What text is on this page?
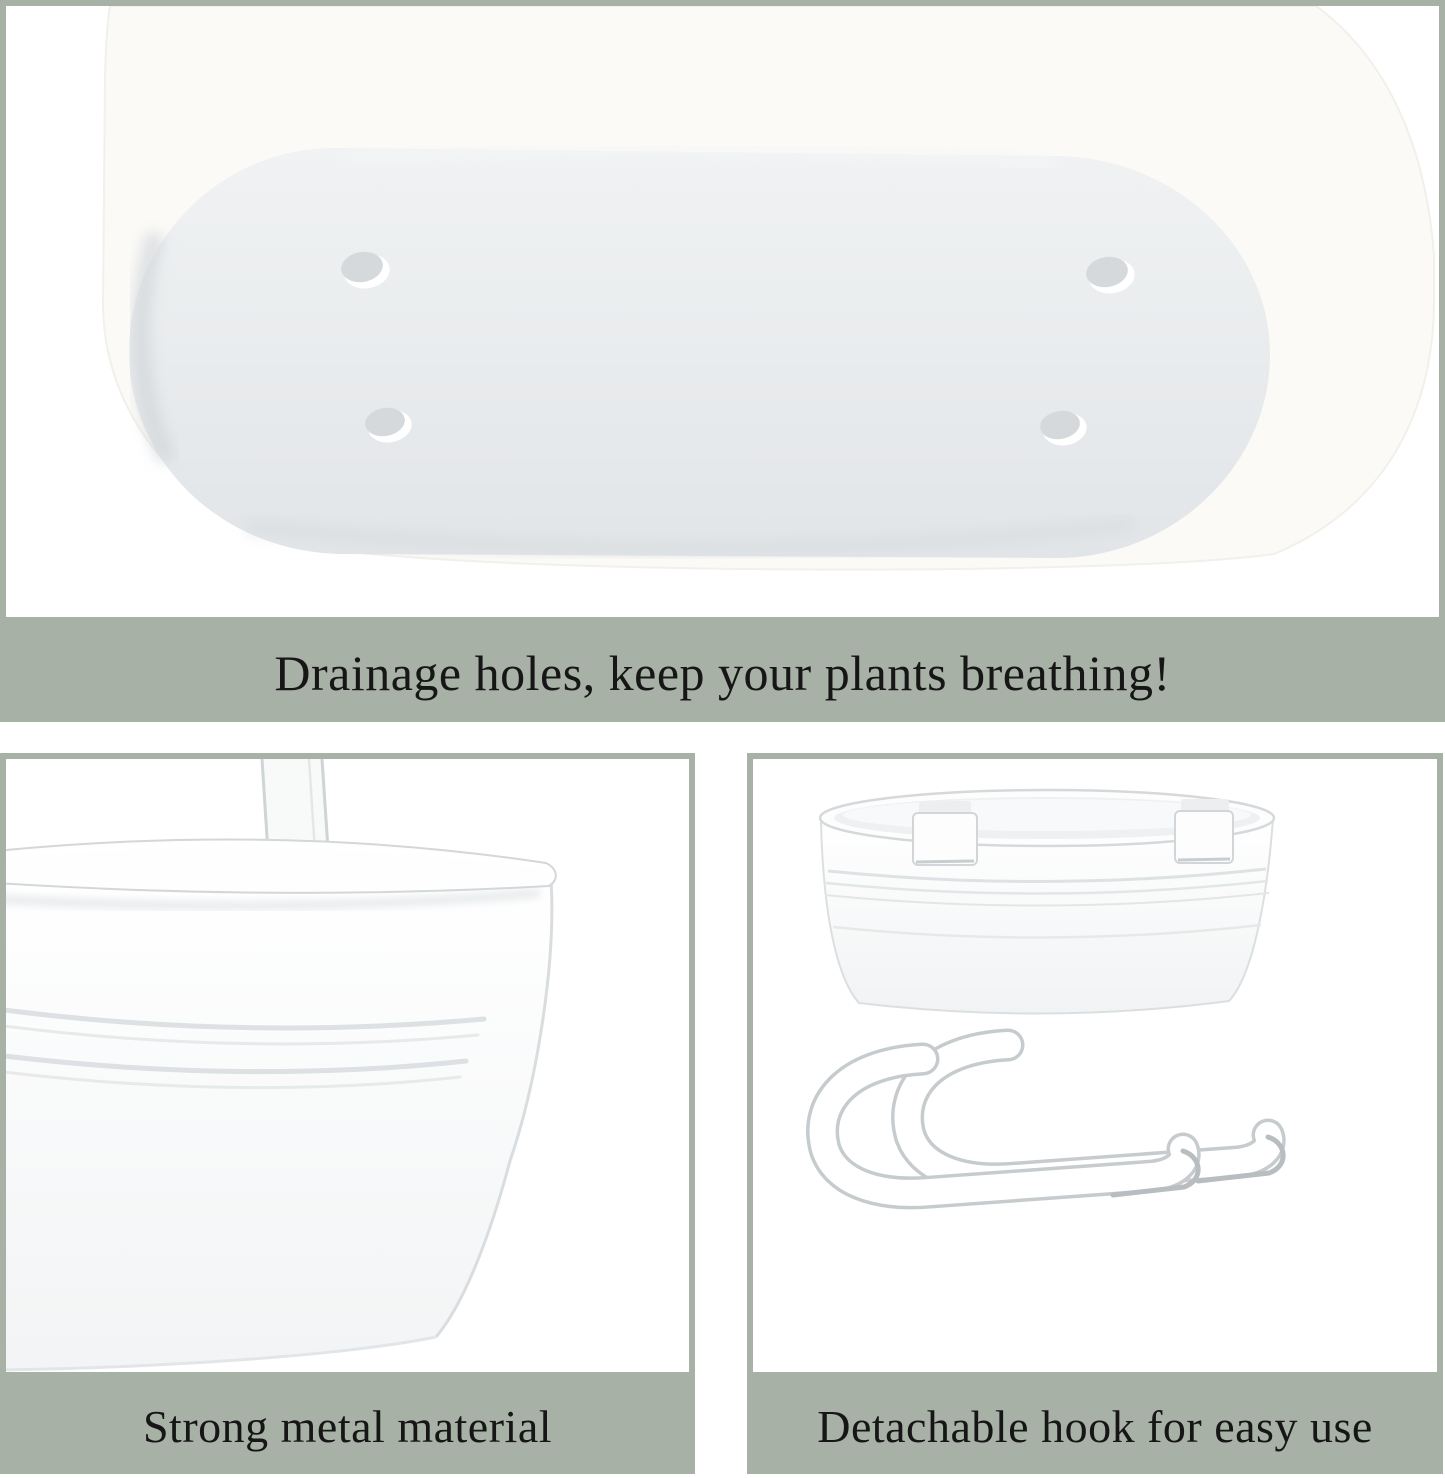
Drainage holes, keep your plants breathing!
Strong metal material	Detachable hook for easy use
